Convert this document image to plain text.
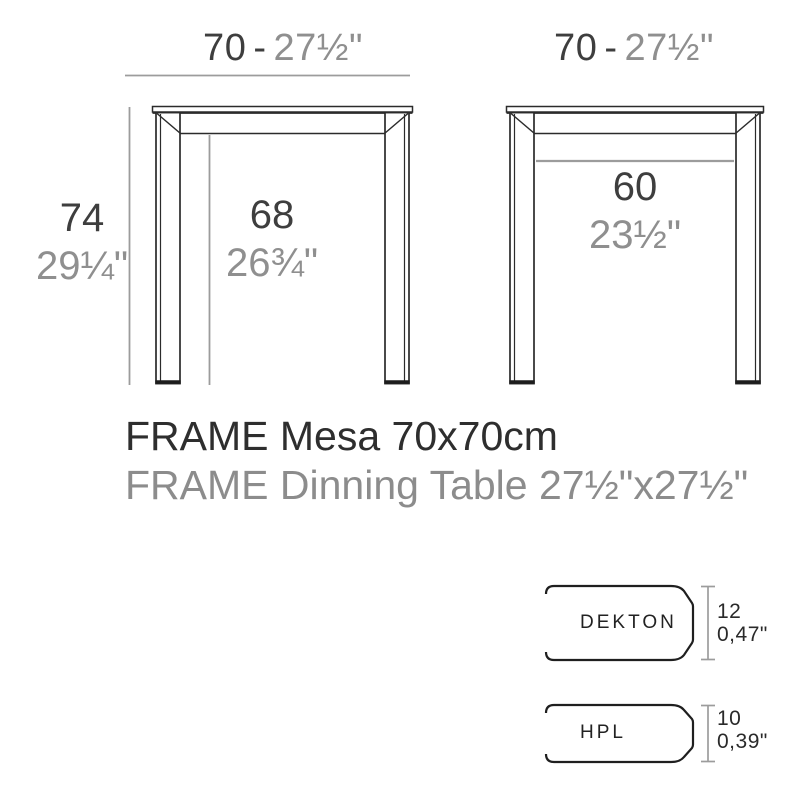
70 - 27½"	70 - 27½"
74
29¼"
68
26¾"
60
23½"
FRAME Mesa 70x70cm
FRAME Dinning Table 27½"x27½"
DEKTON 12
0,47"
HPL
10
0,39"
